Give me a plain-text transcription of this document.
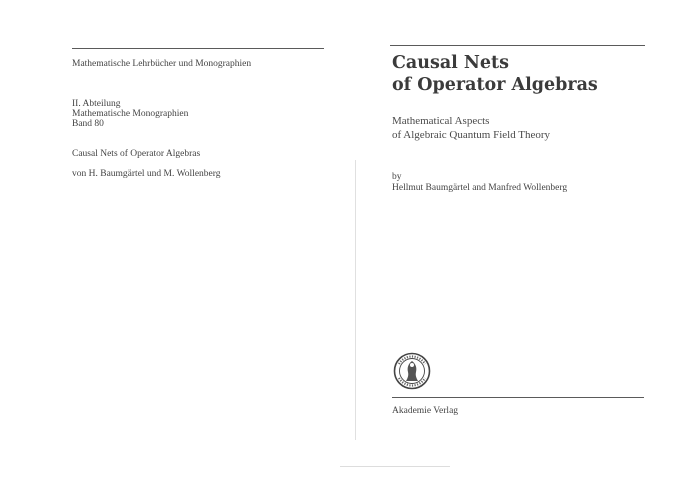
Mathematische Lehrbücher und Monographien
II. Abteilung
Mathematische Monographien
Band 80
Causal Nets of Operator Algebras
von H. Baumgärtel und M. Wollenberg
Causal Nets
of Operator Algebras
Mathematical Aspects
of Algebraic Quantum Field Theory
by
Hellmut Baumgärtel and Manfred Wollenberg
Akademie Verlag
